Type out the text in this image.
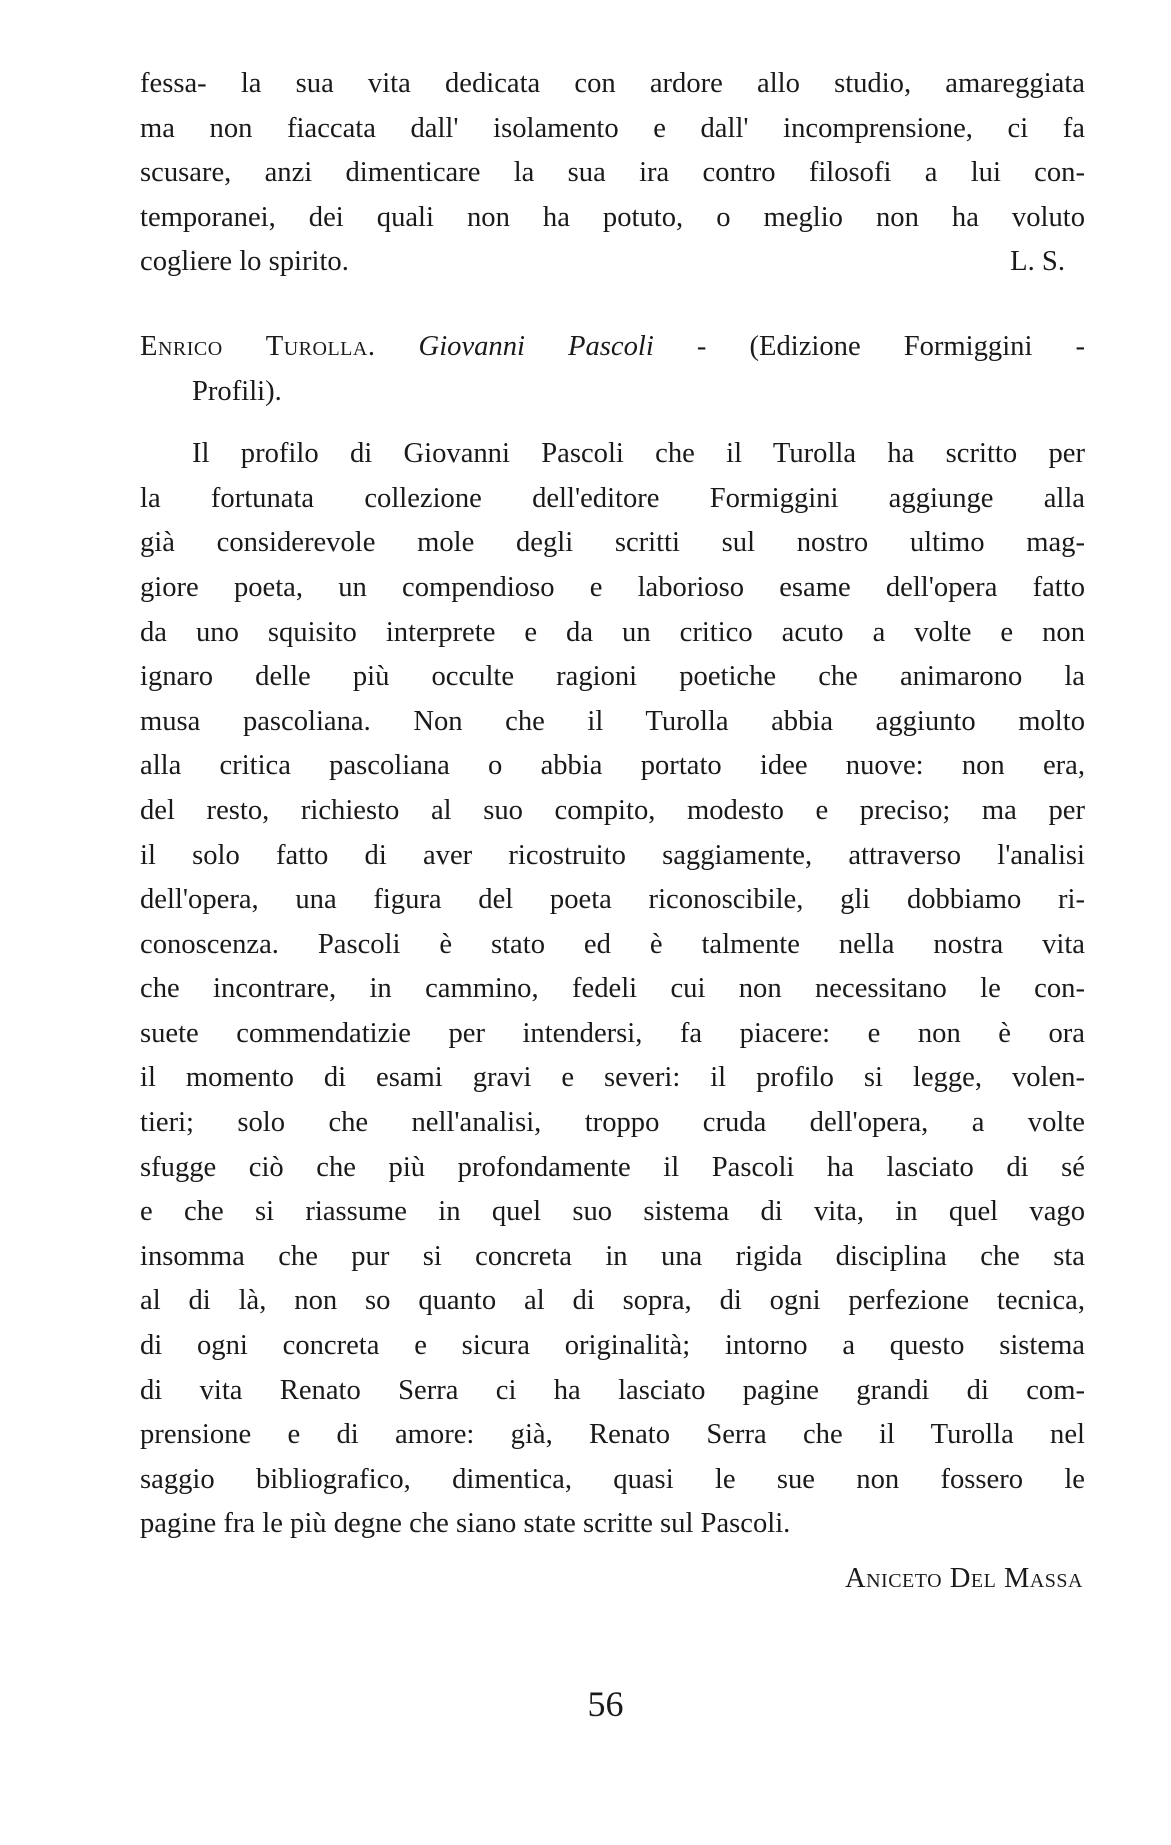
fessa- la sua vita dedicata con ardore allo studio, amareggiata
ma non fiaccata dall' isolamento e dall' incomprensione, ci fa
scusare, anzi dimenticare la sua ira contro filosofi a lui con-
temporanei, dei quali non ha potuto, o meglio non ha voluto
cogliere lo spirito.	L. S.
Enrico Turolla. Giovanni Pascoli - (Edizione Formiggini -
Profili).
Il profilo di Giovanni Pascoli che il Turolla ha scritto per
la fortunata collezione dell'editore Formiggini aggiunge alla
già considerevole mole degli scritti sul nostro ultimo mag-
giore poeta, un compendioso e laborioso esame dell'opera fatto
da uno squisito interprete e da un critico acuto a volte e non
ignaro delle più occulte ragioni poetiche che animarono la
musa pascoliana. Non che il Turolla abbia aggiunto molto
alla critica pascoliana o abbia portato idee nuove: non era,
del resto, richiesto al suo compito, modesto e preciso; ma per
il solo fatto di aver ricostruito saggiamente, attraverso l'analisi
dell'opera, una figura del poeta riconoscibile, gli dobbiamo ri-
conoscenza. Pascoli è stato ed è talmente nella nostra vita
che incontrare, in cammino, fedeli cui non necessitano le con-
suete commendatizie per intendersi, fa piacere: e non è ora
il momento di esami gravi e severi: il profilo si legge, volen-
tieri; solo che nell'analisi, troppo cruda dell'opera, a volte
sfugge ciò che più profondamente il Pascoli ha lasciato di sé
e che si riassume in quel suo sistema di vita, in quel vago
insomma che pur si concreta in una rigida disciplina che sta
al di là, non so quanto al di sopra, di ogni perfezione tecnica,
di ogni concreta e sicura originalità; intorno a questo sistema
di vita Renato Serra ci ha lasciato pagine grandi di com-
prensione e di amore: già, Renato Serra che il Turolla nel
saggio bibliografico, dimentica, quasi le sue non fossero le
pagine fra le più degne che siano state scritte sul Pascoli.
Aniceto Del Massa
56
